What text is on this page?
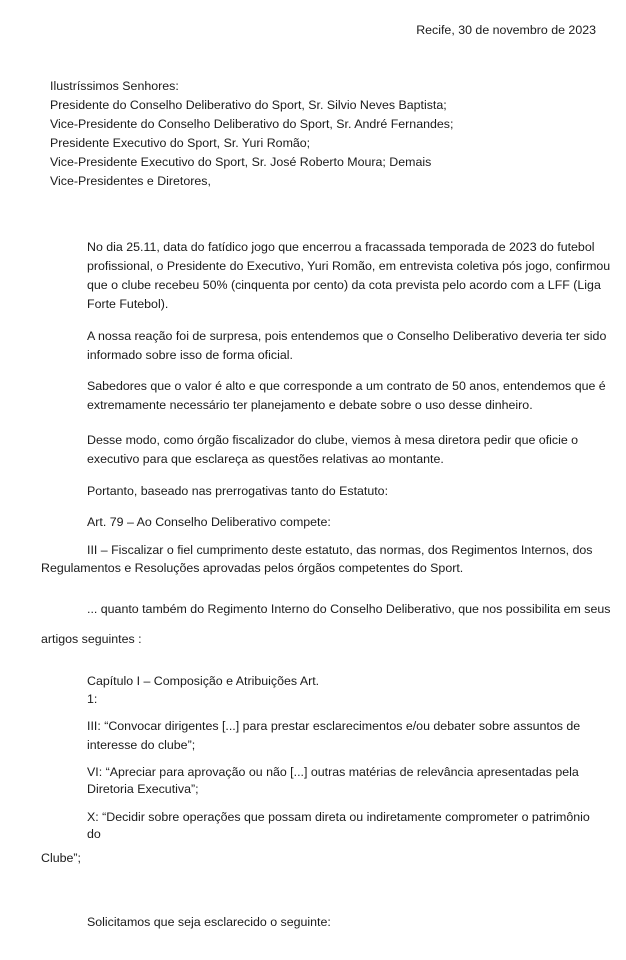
Recife, 30 de novembro de 2023
Ilustríssimos Senhores:
Presidente do Conselho Deliberativo do Sport, Sr. Silvio Neves Baptista;
Vice-Presidente do Conselho Deliberativo do Sport, Sr. André Fernandes;
Presidente Executivo do Sport, Sr. Yuri Romão;
Vice-Presidente Executivo do Sport, Sr. José Roberto Moura; Demais
Vice-Presidentes e Diretores,
No dia 25.11, data do fatídico jogo que encerrou a fracassada temporada de 2023 do futebol
profissional, o Presidente do Executivo, Yuri Romão, em entrevista coletiva pós jogo, confirmou
que o clube recebeu 50% (cinquenta por cento) da cota prevista pelo acordo com a LFF (Liga
Forte Futebol).
A nossa reação foi de surpresa, pois entendemos que o Conselho Deliberativo deveria ter sido
informado sobre isso de forma oficial.
Sabedores que o valor é alto e que corresponde a um contrato de 50 anos, entendemos que é
extremamente necessário ter planejamento e debate sobre o uso desse dinheiro.
Desse modo, como órgão fiscalizador do clube, viemos à mesa diretora pedir que oficie o
executivo para que esclareça as questões relativas ao montante.
Portanto, baseado nas prerrogativas tanto do Estatuto:
Art. 79 – Ao Conselho Deliberativo compete:
III – Fiscalizar o fiel cumprimento deste estatuto, das normas, dos Regimentos Internos, dos
Regulamentos e Resoluções aprovadas pelos órgãos competentes do Sport.
... quanto também do Regimento Interno do Conselho Deliberativo, que nos possibilita em seus
artigos seguintes :
Capítulo I – Composição e Atribuições Art.
1:
III: “Convocar dirigentes [...] para prestar esclarecimentos e/ou debater sobre assuntos de
interesse do clube”;
VI: “Apreciar para aprovação ou não [...] outras matérias de relevância apresentadas pela
Diretoria Executiva”;
X: “Decidir sobre operações que possam direta ou indiretamente comprometer o patrimônio
do
Clube”;
Solicitamos que seja esclarecido o seguinte:
